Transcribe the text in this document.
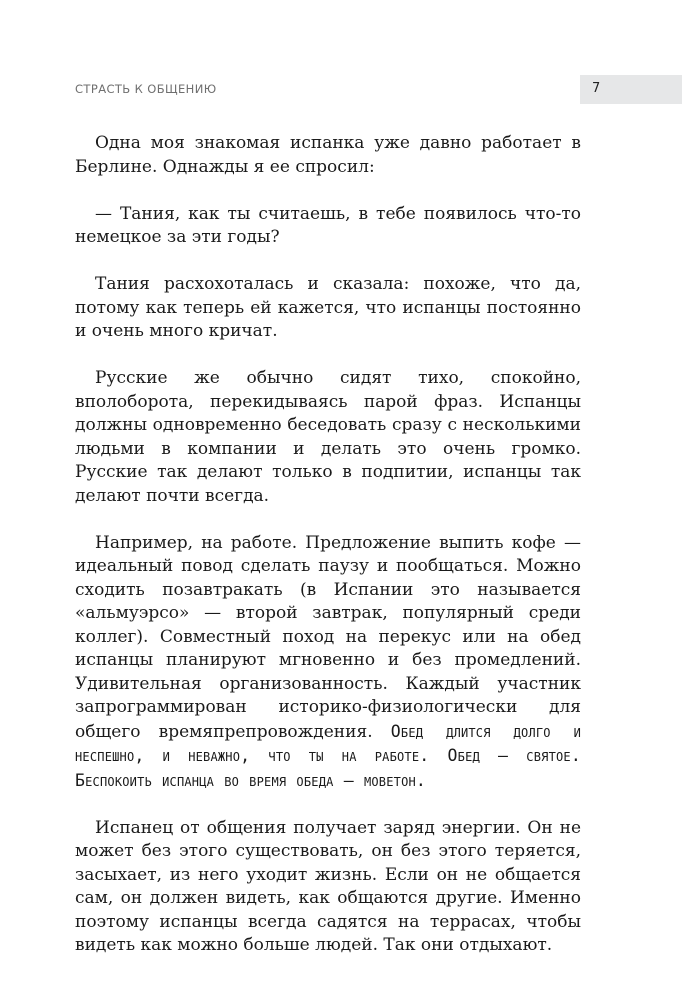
СТРАСТЬ К ОБЩЕНИЮ	7

Одна моя знакомая испанка уже давно работает в Берлине. Однажды я ее спросил:

— Тания, как ты считаешь, в тебе появилось что-то немецкое за эти годы?

Тания расхохоталась и сказала: похоже, что да, потому как теперь ей кажется, что испанцы постоянно и очень много кричат.

Русские же обычно сидят тихо, спокойно, вполоборота, перекидываясь парой фраз. Испанцы должны одновременно беседовать сразу с несколькими людьми в компании и делать это очень громко. Русские так делают только в подпитии, испанцы так делают почти всегда.

Например, на работе. Предложение выпить кофе — идеальный повод сделать паузу и пообщаться. Можно сходить позавтракать (в Испании это называется «альмуэрсо» — второй завтрак, популярный среди коллег). Совместный поход на перекус или на обед испанцы планируют мгновенно и без промедлений. Удивительная организованность. Каждый участник запрограммирован историко-физиологически для общего времяпрепровождения. Обед длится долго и неспешно, и неважно, что ты на работе. Обед — святое. Беспокоить испанца во время обеда — моветон.

Испанец от общения получает заряд энергии. Он не может без этого существовать, он без этого теряется, засыхает, из него уходит жизнь. Если он не общается сам, он должен видеть, как общаются другие. Именно поэтому испанцы всегда садятся на террасах, чтобы видеть как можно больше людей. Так они отдыхают.
